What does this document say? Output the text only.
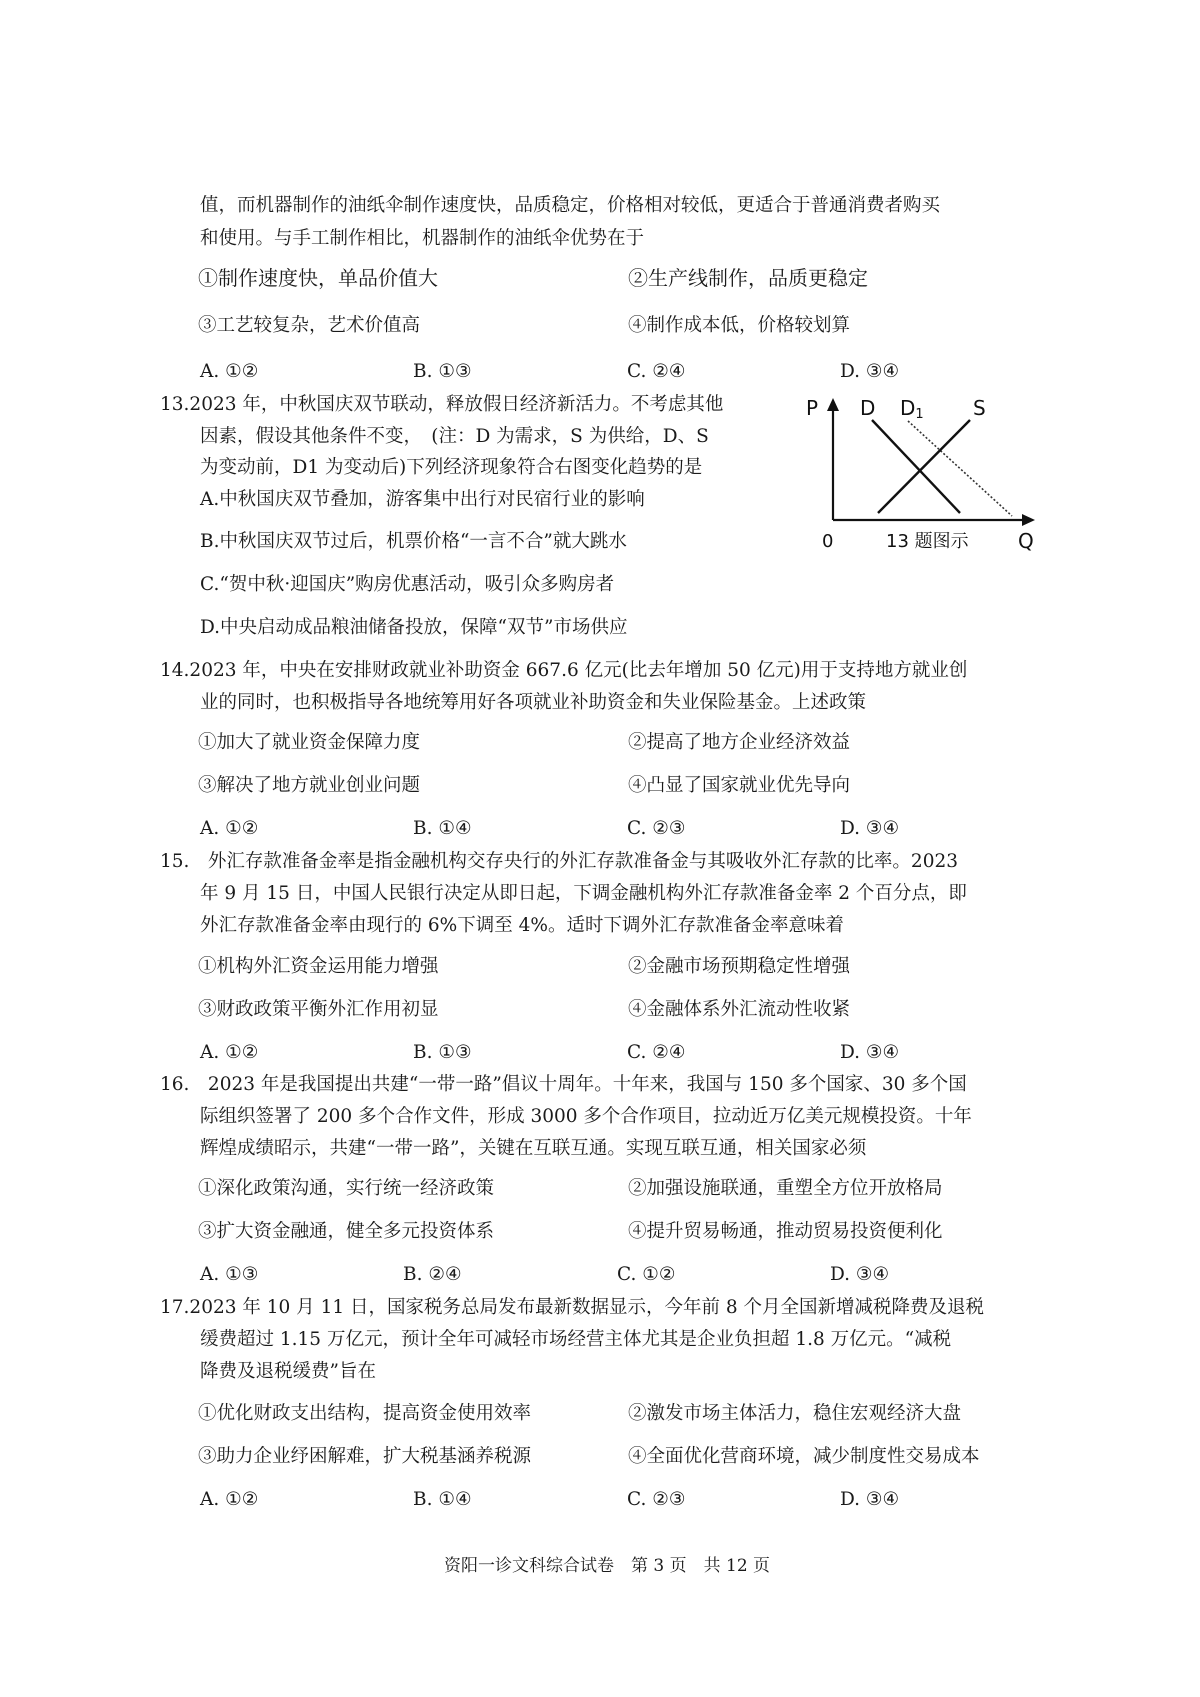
值，而机器制作的油纸伞制作速度快，品质稳定，价格相对较低，更适合于普通消费者购买
和使用。与手工制作相比，机器制作的油纸伞优势在于
①制作速度快，单品价值大	②生产线制作，品质更稳定
③工艺较复杂，艺术价值高	④制作成本低，价格较划算
A. ①②	B. ①③	C. ②④	D. ③④
13.2023 年，中秋国庆双节联动，释放假日经济新活力。不考虑其他
因素，假设其他条件不变，　(注：D 为需求，S 为供给，D、S
为变动前，D1 为变动后)下列经济现象符合右图变化趋势的是
A.中秋国庆双节叠加，游客集中出行对民宿行业的影响
B.中秋国庆双节过后，机票价格“一言不合”就大跳水
C.“贺中秋·迎国庆”购房优惠活动，吸引众多购房者
D.中央启动成品粮油储备投放，保障“双节”市场供应
P D D1 S
0	13 题图示 Q
14.2023 年，中央在安排财政就业补助资金 667.6 亿元(比去年增加 50 亿元)用于支持地方就业创
业的同时，也积极指导各地统筹用好各项就业补助资金和失业保险基金。上述政策
①加大了就业资金保障力度	②提高了地方企业经济效益
③解决了地方就业创业问题	④凸显了国家就业优先导向
A. ①②	B. ①④	C. ②③	D. ③④
15.　外汇存款准备金率是指金融机构交存央行的外汇存款准备金与其吸收外汇存款的比率。2023
年 9 月 15 日，中国人民银行决定从即日起，下调金融机构外汇存款准备金率 2 个百分点，即
外汇存款准备金率由现行的 6%下调至 4%。适时下调外汇存款准备金率意味着
①机构外汇资金运用能力增强	②金融市场预期稳定性增强
③财政政策平衡外汇作用初显	④金融体系外汇流动性收紧
A. ①②	B. ①③	C. ②④	D. ③④
16.　2023 年是我国提出共建“一带一路”倡议十周年。十年来，我国与 150 多个国家、30 多个国
际组织签署了 200 多个合作文件，形成 3000 多个合作项目，拉动近万亿美元规模投资。十年
辉煌成绩昭示，共建“一带一路”，关键在互联互通。实现互联互通，相关国家必须
①深化政策沟通，实行统一经济政策	②加强设施联通，重塑全方位开放格局
③扩大资金融通，健全多元投资体系	④提升贸易畅通，推动贸易投资便利化
A. ①③	B. ②④	C. ①②	D. ③④
17.2023 年 10 月 11 日，国家税务总局发布最新数据显示，今年前 8 个月全国新增减税降费及退税
缓费超过 1.15 万亿元，预计全年可减轻市场经营主体尤其是企业负担超 1.8 万亿元。“减税
降费及退税缓费”旨在
①优化财政支出结构，提高资金使用效率	②激发市场主体活力，稳住宏观经济大盘
③助力企业纾困解难，扩大税基涵养税源	④全面优化营商环境，减少制度性交易成本
A. ①②	B. ①④	C. ②③	D. ③④
资阳一诊文科综合试卷　第 3 页　共 12 页
